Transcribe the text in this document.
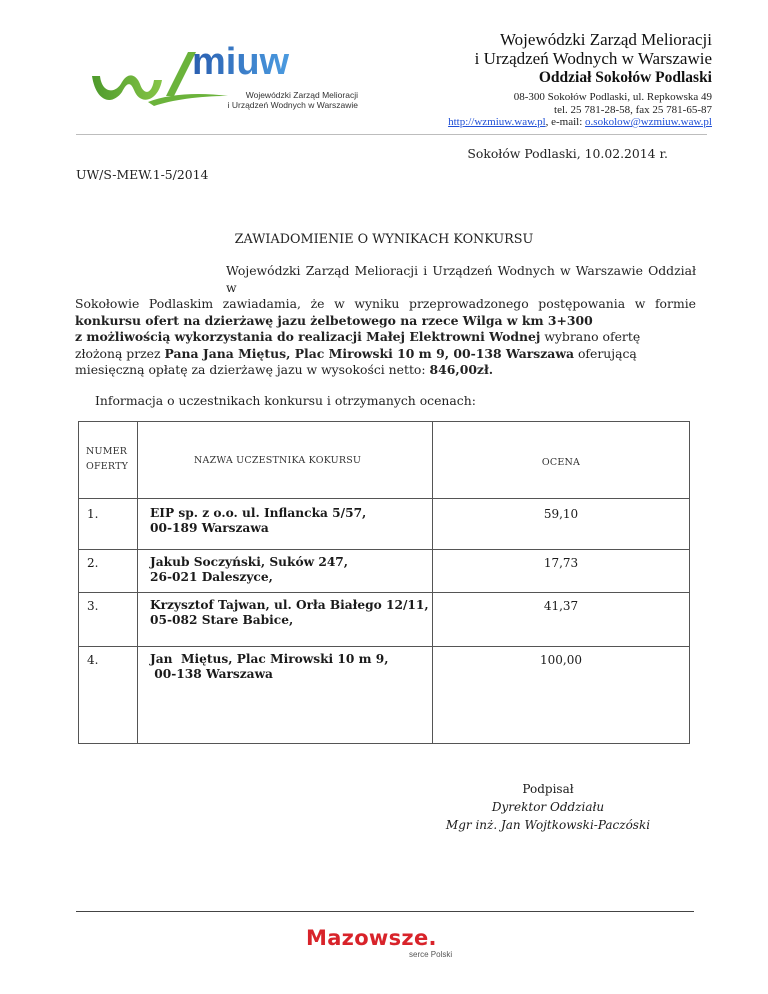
miuw
Wojewódzki Zarząd Melioracji
i Urządzeń Wodnych w Warszawie
Wojewódzki Zarząd Melioracji
i Urządzeń Wodnych w Warszawie
Oddział Sokołów Podlaski
08-300 Sokołów Podlaski, ul. Repkowska 49
tel. 25 781-28-58, fax 25 781-65-87
http://wzmiuw.waw.pl, e-mail: o.sokolow@wzmiuw.waw.pl
Sokołów Podlaski, 10.02.2014 r.
UW/S-MEW.1-5/2014
ZAWIADOMIENIE O WYNIKACH KONKURSU
Wojewódzki Zarząd Melioracji i Urządzeń Wodnych w Warszawie Oddział w
Sokołowie Podlaskim zawiadamia, że w wyniku przeprowadzonego postępowania w formie
konkursu ofert na dzierżawę jazu żelbetowego na rzece Wilga w km 3+300
z możliwością wykorzystania do realizacji Małej Elektrowni Wodnej wybrano ofertę
złożoną przez Pana Jana Miętus, Plac Mirowski 10 m 9, 00-138 Warszawa oferującą
miesięczną opłatę za dzierżawę jazu w wysokości netto: 846,00zł.
Informacja o uczestnikach konkursu i otrzymanych ocenach:
NUMER OFERTY	NAZWA UCZESTNIKA KOKURSU	OCENA

1.	EIP sp. z o.o. ul. Inflancka 5/57,
00-189 Warszawa	59,10

2.	Jakub Soczyński, Suków 247,
26-021 Daleszyce,	17,73

3.	Krzysztof Tajwan, ul. Orła Białego 12/11,
05-082 Stare Babice,	41,37

4.	Jan  Miętus, Plac Mirowski 10 m 9,
00-138 Warszawa	100,00
Podpisał
Dyrektor Oddziału
Mgr inż. Jan Wojtkowski-Paczóski
Mazowsze.
serce Polski
